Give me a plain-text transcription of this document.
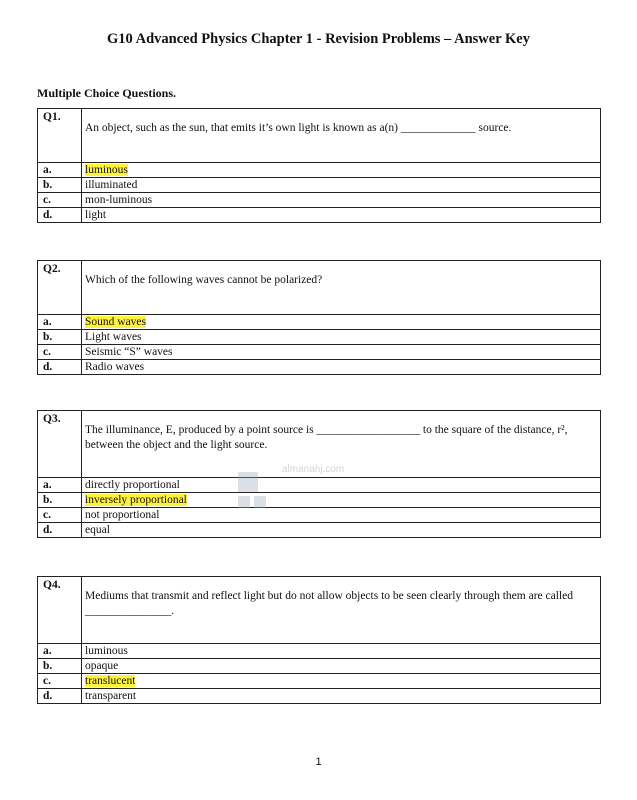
G10 Advanced Physics Chapter 1 - Revision Problems – Answer Key
Multiple Choice Questions.
Q1.	An object, such as the sun, that emits it’s own light is known as a(n) _____________ source.
a.	luminous
b.	illuminated
c.	mon-luminous
d.	light
Q2.	Which of the following waves cannot be polarized?
a.	Sound waves
b.	Light waves
c.	Seismic “S” waves
d.	Radio waves
Q3.	The illuminance, E, produced by a point source is __________________ to the square of the distance, r², between the object and the light source.
a.	directly proportional
b.	inversely proportional
c.	not proportional
d.	equal
Q4.	Mediums that transmit and reflect light but do not allow objects to be seen clearly through them are called _______________.
a.	luminous
b.	opaque
c.	translucent
d.	transparent
almanahj.com
1
